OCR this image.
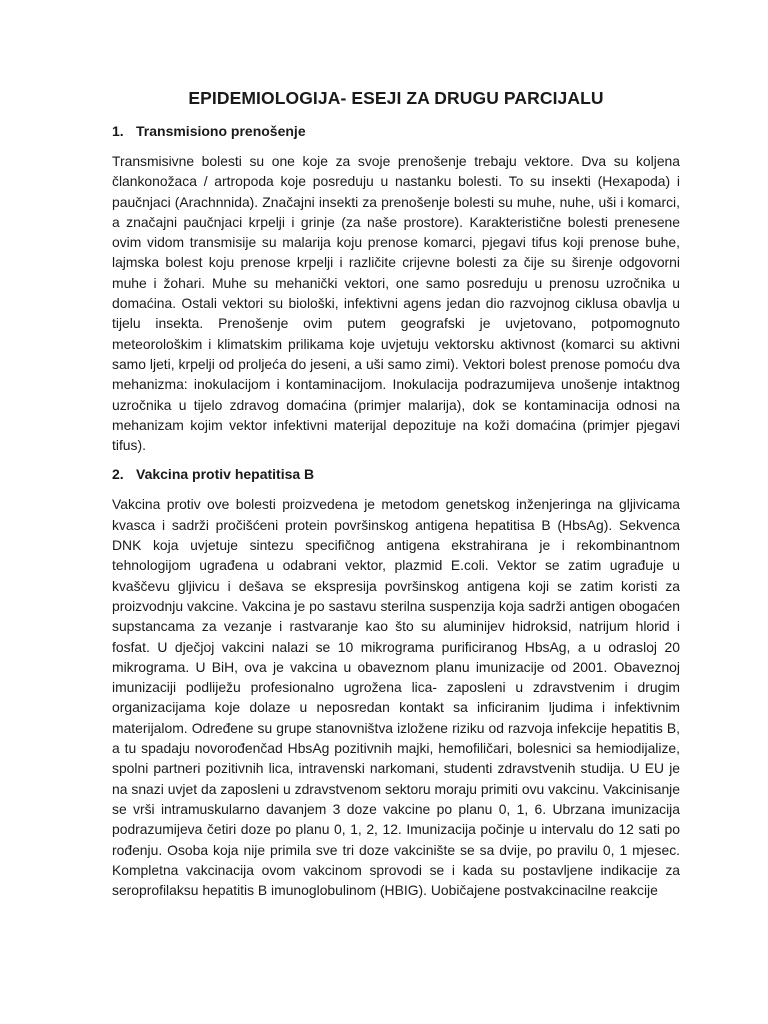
EPIDEMIOLOGIJA- ESEJI ZA DRUGU PARCIJALU
1. Transmisiono prenošenje

Transmisivne bolesti su one koje za svoje prenošenje trebaju vektore. Dva su koljena člankonožaca / artropoda koje posreduju u nastanku bolesti. To su insekti (Hexapoda) i paučnjaci (Arachnnida). Značajni insekti za prenošenje bolesti su muhe, nuhe, uši i komarci, a značajni paučnjaci krpelji i grinje (za naše prostore). Karakteristične bolesti prenesene ovim vidom transmisije su malarija koju prenose komarci, pjegavi tifus koji prenose buhe, lajmska bolest koju prenose krpelji i različite crijevne bolesti za čije su širenje odgovorni muhe i žohari. Muhe su mehanički vektori, one samo posreduju u prenosu uzročnika u domaćina. Ostali vektori su biološki, infektivni agens jedan dio razvojnog ciklusa obavlja u tijelu insekta. Prenošenje ovim putem geografski je uvjetovano, potpomognuto meteorološkim i klimatskim prilikama koje uvjetuju vektorsku aktivnost (komarci su aktivni samo ljeti, krpelji od proljeća do jeseni, a uši samo zimi). Vektori bolest prenose pomoću dva mehanizma: inokulacijom i kontaminacijom. Inokulacija podrazumijeva unošenje intaktnog uzročnika u tijelo zdravog domaćina (primjer malarija), dok se kontaminacija odnosi na mehanizam kojim vektor infektivni materijal depozituje na koži domaćina (primjer pjegavi tifus).

2. Vakcina protiv hepatitisa B

Vakcina protiv ove bolesti proizvedena je metodom genetskog inženjeringa na gljivicama kvasca i sadrži pročišćeni protein površinskog antigena hepatitisa B (HbsAg). Sekvenca DNK koja uvjetuje sintezu specifičnog antigena ekstrahirana je i rekombinantnom tehnologijom ugrađena u odabrani vektor, plazmid E.coli. Vektor se zatim ugrađuje u kvaščevu gljivicu i dešava se ekspresija površinskog antigena koji se zatim koristi za proizvodnju vakcine. Vakcina je po sastavu sterilna suspenzija koja sadrži antigen obogaćen supstancama za vezanje i rastvaranje kao što su aluminijev hidroksid, natrijum hlorid i fosfat. U dječjoj vakcini nalazi se 10 mikrograma purificiranog HbsAg, a u odrasloj 20 mikrograma. U BiH, ova je vakcina u obaveznom planu imunizacije od 2001. Obaveznoj imunizaciji podliježu profesionalno ugrožena lica- zaposleni u zdravstvenim i drugim organizacijama koje dolaze u neposredan kontakt sa inficiranim ljudima i infektivnim materijalom. Određene su grupe stanovništva izložene riziku od razvoja infekcije hepatitis B, a tu spadaju novorođenčad HbsAg pozitivnih majki, hemofiličari, bolesnici sa hemiodijalize, spolni partneri pozitivnih lica, intravenski narkomani, studenti zdravstvenih studija. U EU je na snazi uvjet da zaposleni u zdravstvenom sektoru moraju primiti ovu vakcinu. Vakcinisanje se vrši intramuskularno davanjem 3 doze vakcine po planu 0, 1, 6. Ubrzana imunizacija podrazumijeva četiri doze po planu 0, 1, 2, 12. Imunizacija počinje u intervalu do 12 sati po rođenju. Osoba koja nije primila sve tri doze vakcinište se sa dvije, po pravilu 0, 1 mjesec. Kompletna vakcinacija ovom vakcinom sprovodi se i kada su postavljene indikacije za seroprofilaksu hepatitis B imunoglobulinom (HBIG). Uobičajene postvakcinacilne reakcije
